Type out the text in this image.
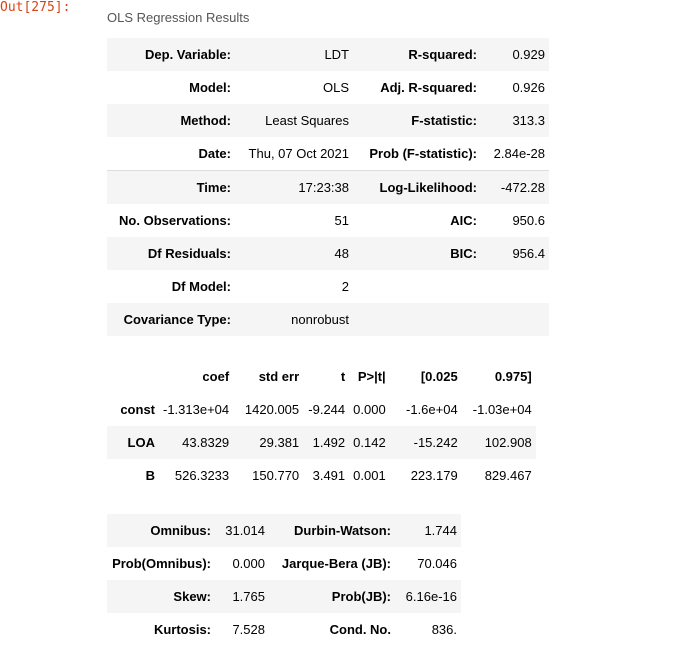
Out[275]:
OLS Regression Results
Dep. Variable:	LDT	R-squared:	0.929
Model:	OLS	Adj. R-squared:	0.926
Method:	Least Squares	F-statistic:	313.3
Date:	Thu, 07 Oct 2021	Prob (F-statistic):	2.84e-28
Time:	17:23:38	Log-Likelihood:	-472.28
No. Observations:	51	AIC:	950.6
Df Residuals:	48	BIC:	956.4
Df Model:	2		
Covariance Type:	nonrobust		
	coef	std err	t	P>|t|	[0.025	0.975]
const	-1.313e+04	1420.005	-9.244	0.000	-1.6e+04	-1.03e+04
LOA	43.8329	29.381	1.492	0.142	-15.242	102.908
B	526.3233	150.770	3.491	0.001	223.179	829.467
Omnibus:	31.014	Durbin-Watson:	1.744
Prob(Omnibus):	0.000	Jarque-Bera (JB):	70.046
Skew:	1.765	Prob(JB):	6.16e-16
Kurtosis:	7.528	Cond. No.	836.
